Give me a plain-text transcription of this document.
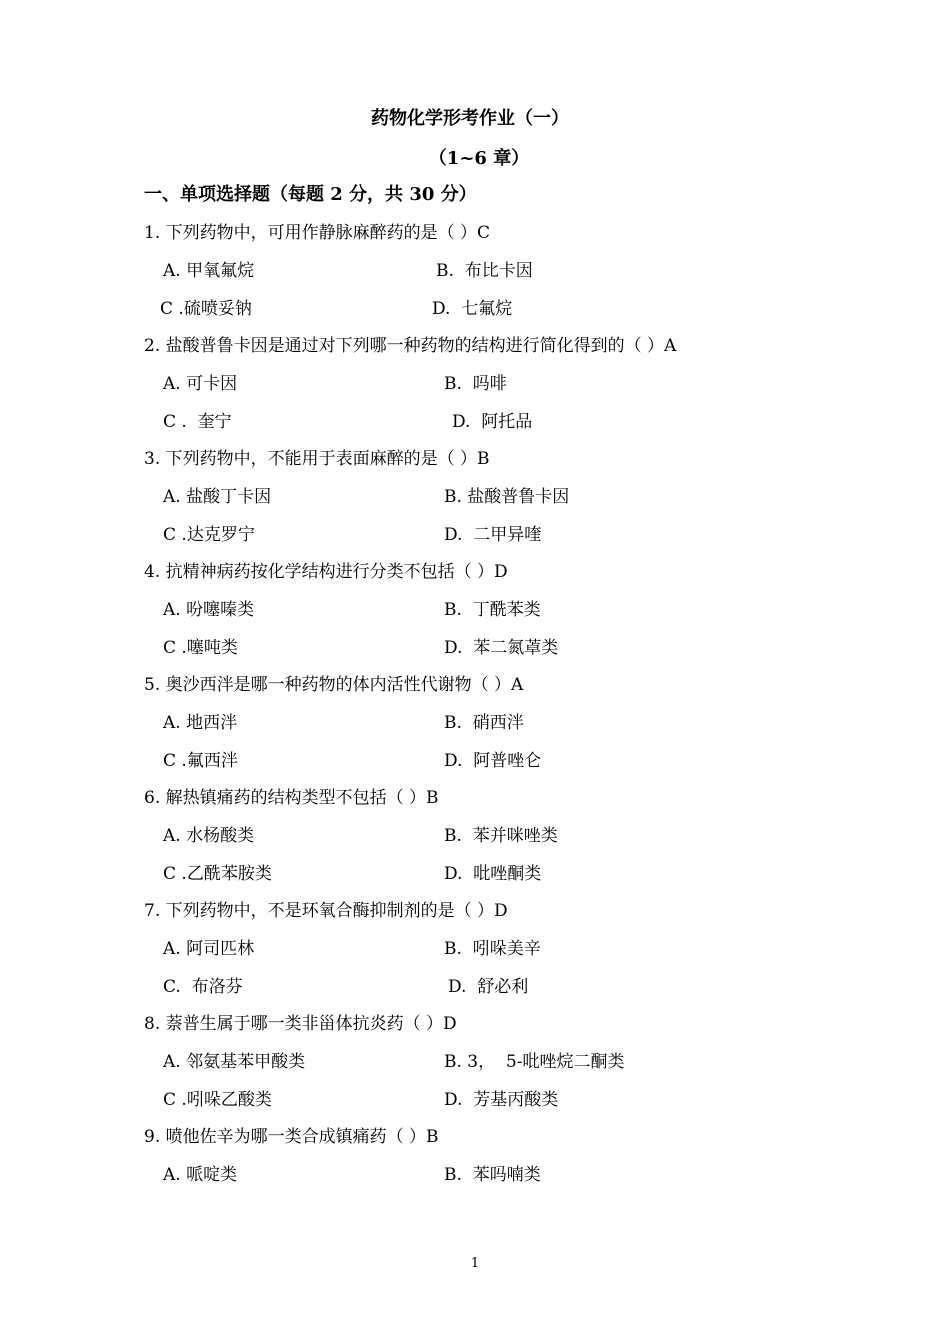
药物化学形考作业（一）
（1~6 章）
一、单项选择题（每题 2 分，共 30 分）
1. 下列药物中，可用作静脉麻醉药的是（ ）C
A. 甲氧氟烷	B.  布比卡因
C .硫喷妥钠	D.  七氟烷
2. 盐酸普鲁卡因是通过对下列哪一种药物的结构进行简化得到的（ ）A
A. 可卡因	B.  吗啡
C .  奎宁	D.  阿托品
3. 下列药物中，不能用于表面麻醉的是（ ）B
A. 盐酸丁卡因	B. 盐酸普鲁卡因
C .达克罗宁	D.  二甲异喹
4. 抗精神病药按化学结构进行分类不包括（ ）D
A. 吩噻嗪类	B.  丁酰苯类
C .噻吨类	D.  苯二氮䓬类
5. 奥沙西泮是哪一种药物的体内活性代谢物（ ）A
A. 地西泮	B.  硝西泮
C .氟西泮	D.  阿普唑仑
6. 解热镇痛药的结构类型不包括（ ）B
A. 水杨酸类	B.  苯并咪唑类
C .乙酰苯胺类	D.  吡唑酮类
7. 下列药物中，不是环氧合酶抑制剂的是（ ）D
A. 阿司匹林	B.  吲哚美辛
C.  布洛芬	D.  舒必利
8. 萘普生属于哪一类非甾体抗炎药（ ）D
A. 邻氨基苯甲酸类	B. 3，  5-吡唑烷二酮类
C .吲哚乙酸类	D.  芳基丙酸类
9. 喷他佐辛为哪一类合成镇痛药（ ）B
A. 哌啶类	B.  苯吗喃类
1
